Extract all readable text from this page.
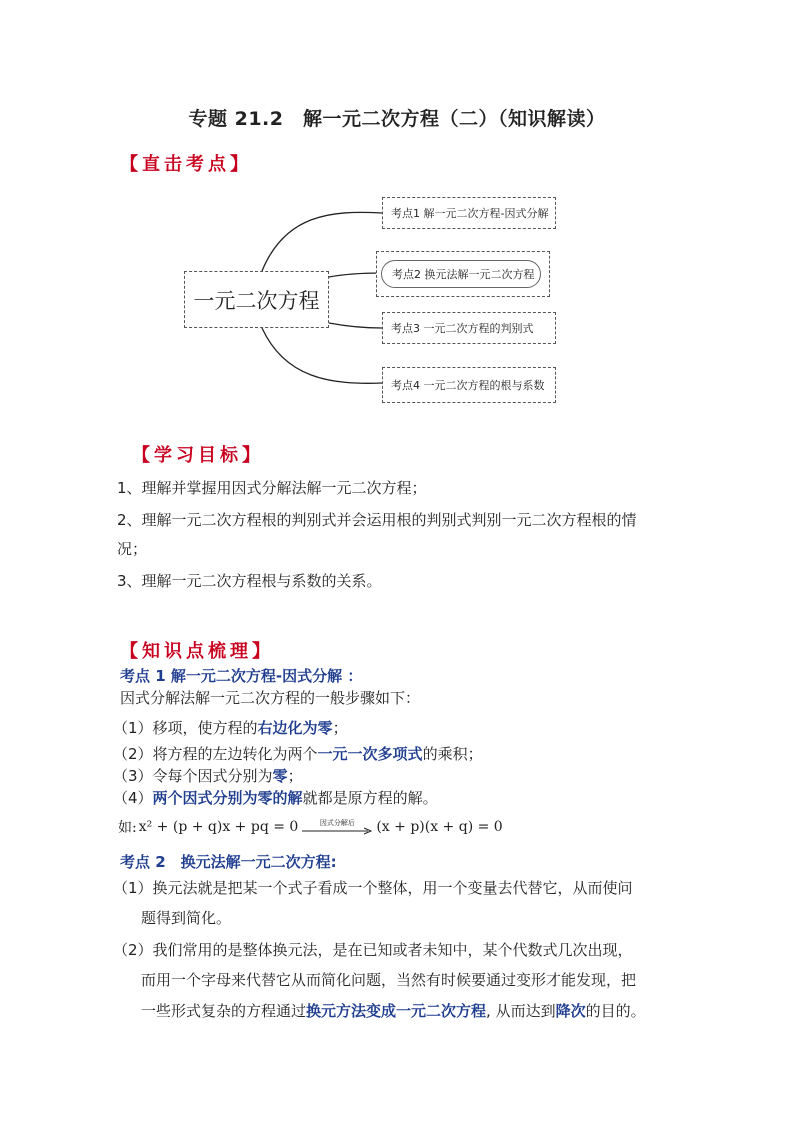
专题 21.2　解一元二次方程（二）（知识解读）
【直击考点】
一元二次方程
考点1 解一元二次方程-因式分解
考点2 换元法解一元二次方程
考点3 一元二次方程的判别式
考点4 一元二次方程的根与系数
【学习目标】
1、理解并掌握用因式分解法解一元二次方程；
2、理解一元二次方程根的判别式并会运用根的判别式判别一元二次方程根的情
况；
3、理解一元二次方程根与系数的关系。
【知识点梳理】
考点 1 解一元二次方程-因式分解 ：
因式分解法解一元二次方程的一般步骤如下：
（1）移项，使方程的右边化为零；
（2）将方程的左边转化为两个一元一次多项式的乘积；
（3）令每个因式分别为零；
（4）两个因式分别为零的解就都是原方程的解。
如: x² + (p + q)x + pq = 0	因式分解后 (x + p)(x + q) = 0
考点 2　换元法解一元二次方程:
（1）换元法就是把某一个式子看成一个整体，用一个变量去代替它，从而使问
题得到简化。
（2）我们常用的是整体换元法，是在已知或者未知中，某个代数式几次出现，
而用一个字母来代替它从而简化问题，当然有时候要通过变形才能发现，把
一些形式复杂的方程通过换元方法变成一元二次方程, 从而达到降次的目的。
